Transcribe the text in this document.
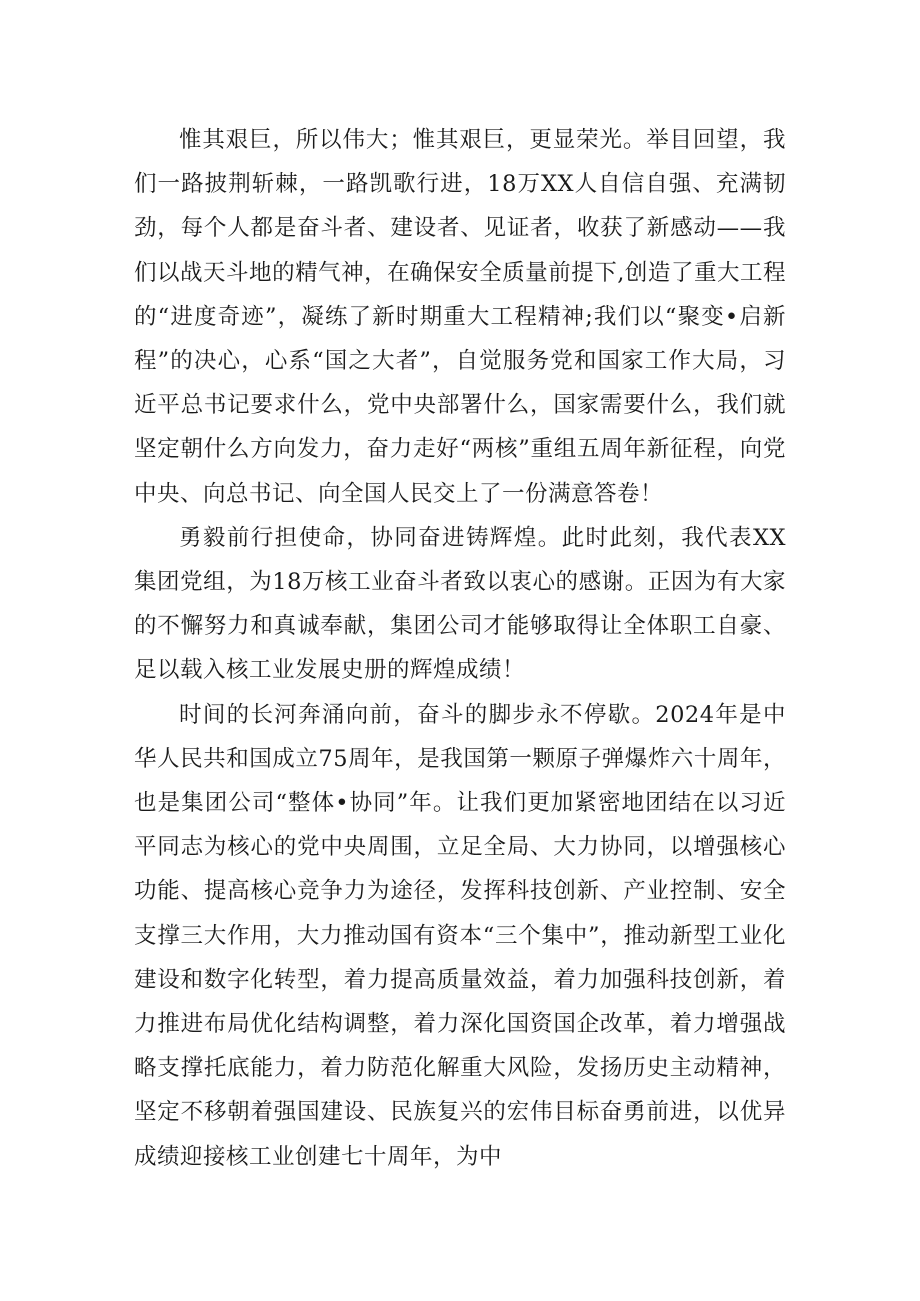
惟其艰巨，所以伟大；惟其艰巨，更显荣光。举目回望，我们一路披荆斩棘，一路凯歌行进，18万XX人自信自强、充满韧劲，每个人都是奋斗者、建设者、见证者，收获了新感动——我们以战天斗地的精气神，在确保安全质量前提下,创造了重大工程的“进度奇迹”，凝练了新时期重大工程精神;我们以“聚变•启新程”的决心，心系“国之大者”，自觉服务党和国家工作大局，习近平总书记要求什么，党中央部署什么，国家需要什么，我们就坚定朝什么方向发力，奋力走好“两核”重组五周年新征程，向党中央、向总书记、向全国人民交上了一份满意答卷！

勇毅前行担使命，协同奋进铸辉煌。此时此刻，我代表XX集团党组，为18万核工业奋斗者致以衷心的感谢。正因为有大家的不懈努力和真诚奉献，集团公司才能够取得让全体职工自豪、足以载入核工业发展史册的辉煌成绩！

时间的长河奔涌向前，奋斗的脚步永不停歇。2024年是中华人民共和国成立75周年，是我国第一颗原子弹爆炸六十周年，也是集团公司“整体•协同”年。让我们更加紧密地团结在以习近平同志为核心的党中央周围，立足全局、大力协同，以增强核心功能、提高核心竞争力为途径，发挥科技创新、产业控制、安全支撑三大作用，大力推动国有资本“三个集中”，推动新型工业化建设和数字化转型，着力提高质量效益，着力加强科技创新，着力推进布局优化结构调整，着力深化国资国企改革，着力增强战略支撑托底能力，着力防范化解重大风险，发扬历史主动精神，坚定不移朝着强国建设、民族复兴的宏伟目标奋勇前进，以优异成绩迎接核工业创建七十周年，为中
